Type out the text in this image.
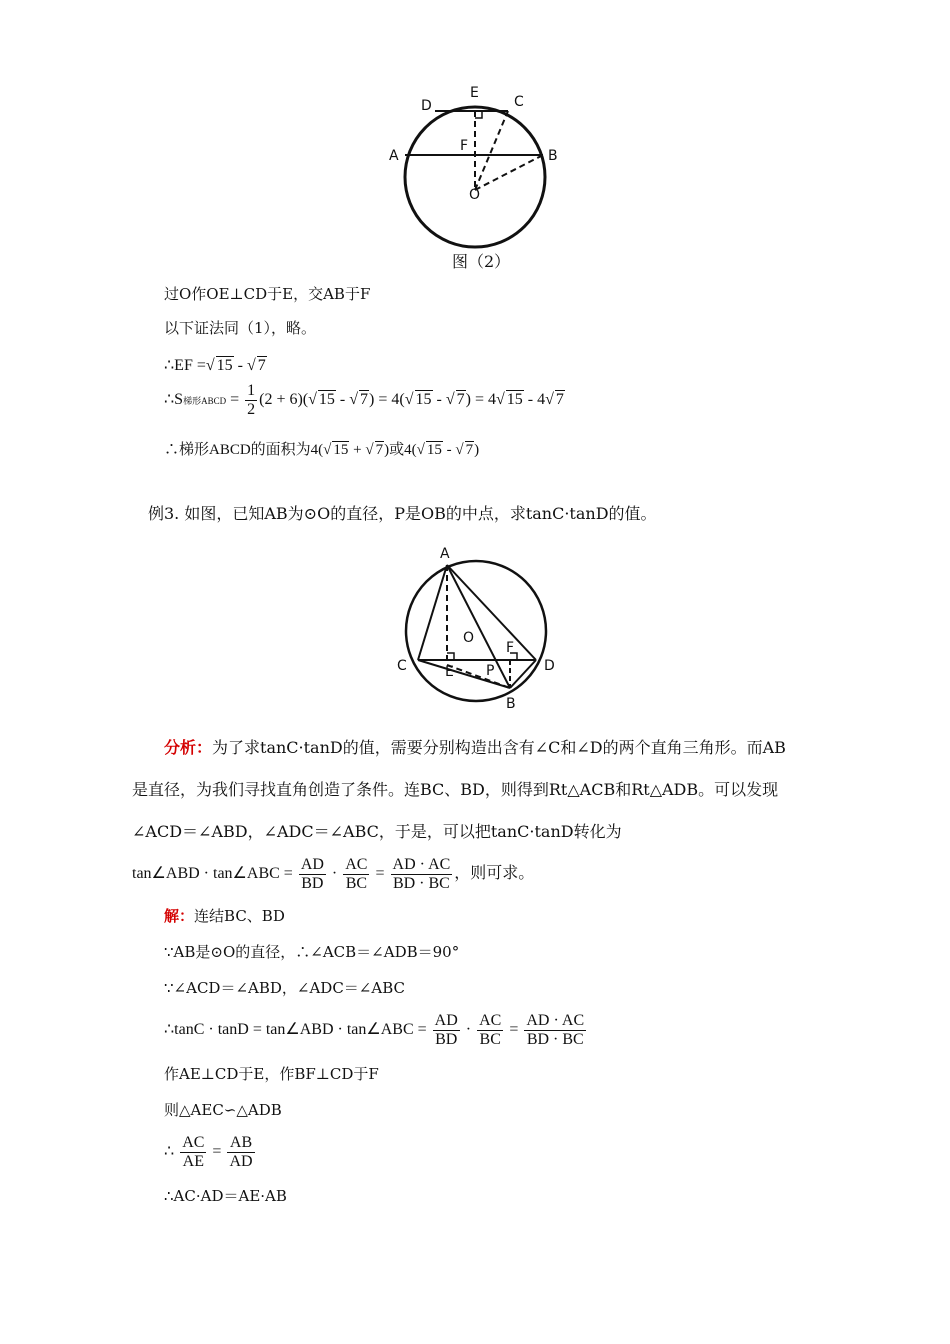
D
E
C
A
F
B
O
图（2）
过O作OE⊥CD于E，交AB于F
以下证法同（1），略。
∴EF =√ 15 - √ 7
∴S梯形ABCD = $\frac{1}{2} (2 + 6)(√$ 15 - √ 7) = 4(√ 15 - √ 7) = 4√ 15 - 4√ 7
∴梯形ABCD的面积为4(√ 15 + √ 7)或4(√ 15 - √ 7)
例3. 如图，已知AB为⊙O的直径，P是OB的中点，求tanC·tanD的值。
A
O
F
C	E P	D
B
分析：为了求tanC·tanD的值，需要分别构造出含有∠C和∠D的两个直角三角形。而AB
是直径，为我们寻找直角创造了条件。连BC、BD，则得到Rt△ACB和Rt△ADB。可以发现
∠ACD＝∠ABD，∠ADC＝∠ABC，于是，可以把tanC·tanD转化为
tan∠ABD · tan∠ABC = $\frac{AD}{BD} \cdot \frac{AC}{BC} = \frac{AD \cdot AC}{BD \cdot BC}$ ，则可求。
解：连结BC、BD
∵AB是⊙O的直径，∴∠ACB＝∠ADB＝90°
∵∠ACD＝∠ABD，∠ADC＝∠ABC
∴tanC · tanD = tan∠ABD · tan∠ABC = $\frac{AD}{BD} \cdot \frac{AC}{BC} = \frac{AD \cdot AC}{BD \cdot BC}$
作AE⊥CD于E，作BF⊥CD于F
则△AEC∽△ADB
∴ $\frac{AC}{AE} = \frac{AB}{AD}$
∴AC·AD＝AE·AB
